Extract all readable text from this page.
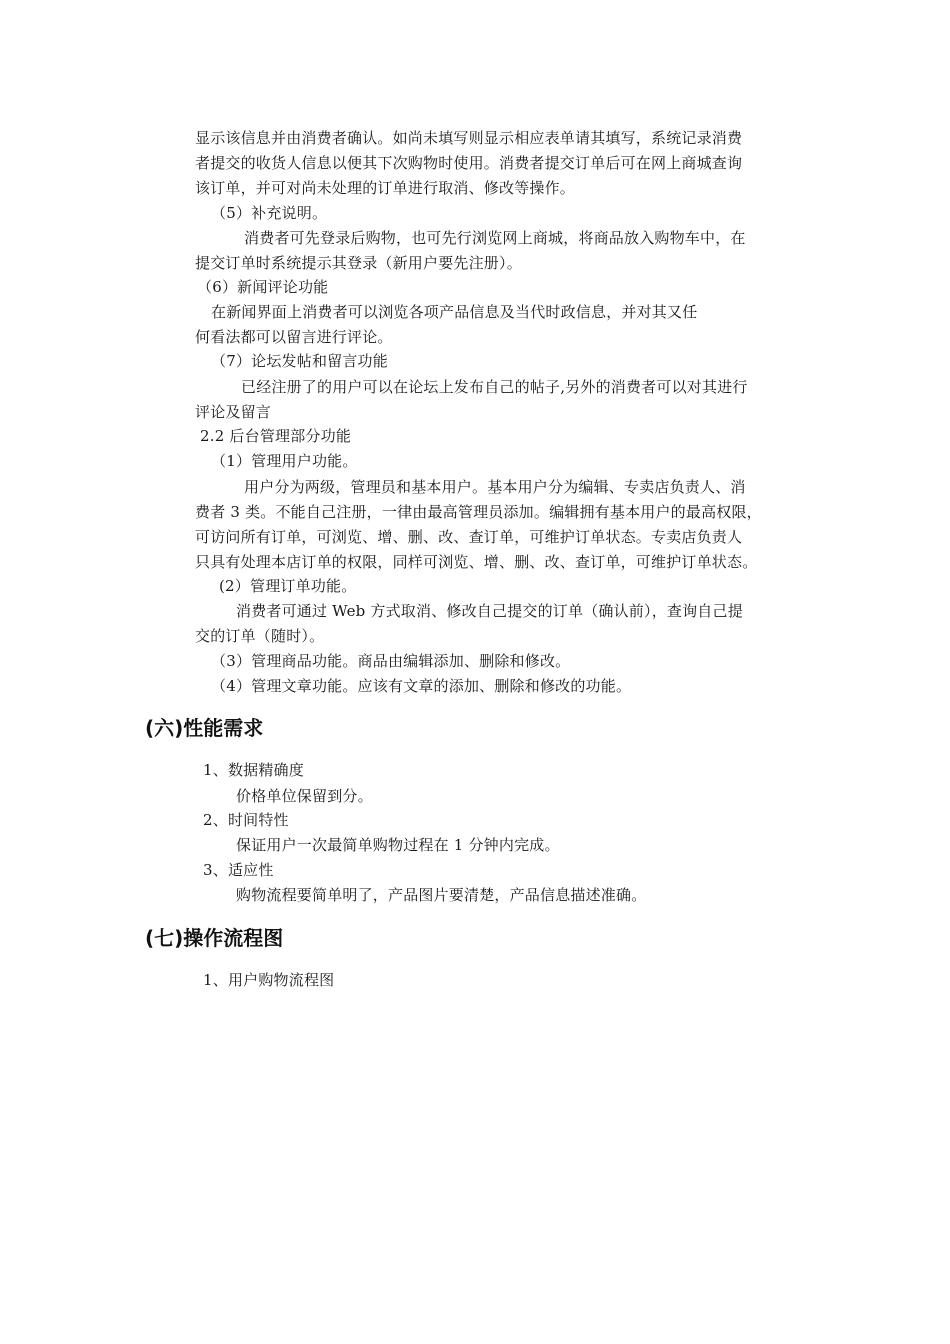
显示该信息并由消费者确认。如尚未填写则显示相应表单请其填写，系统记录消费
者提交的收货人信息以便其下次购物时使用。消费者提交订单后可在网上商城查询
该订单，并可对尚未处理的订单进行取消、修改等操作。
（5）补充说明。
消费者可先登录后购物，也可先行浏览网上商城，将商品放入购物车中，在
提交订单时系统提示其登录（新用户要先注册）。
（6）新闻评论功能
在新闻界面上消费者可以浏览各项产品信息及当代时政信息，并对其又任
何看法都可以留言进行评论。
（7）论坛发帖和留言功能
已经注册了的用户可以在论坛上发布自己的帖子,另外的消费者可以对其进行
评论及留言
2.2 后台管理部分功能
（1）管理用户功能。
用户分为两级，管理员和基本用户。基本用户分为编辑、专卖店负责人、消
费者 3 类。不能自己注册，一律由最高管理员添加。编辑拥有基本用户的最高权限，
可访问所有订单，可浏览、增、删、改、查订单，可维护订单状态。专卖店负责人
只具有处理本店订单的权限，同样可浏览、增、删、改、查订单，可维护订单状态。
(2）管理订单功能。
消费者可通过 Web 方式取消、修改自己提交的订单（确认前），查询自己提
交的订单（随时）。
（3）管理商品功能。商品由编辑添加、删除和修改。
（4）管理文章功能。应该有文章的添加、删除和修改的功能。
(六)性能需求
1、数据精确度
价格单位保留到分。
2、时间特性
保证用户一次最简单购物过程在 1 分钟内完成。
3、适应性
购物流程要简单明了，产品图片要清楚，产品信息描述准确。
(七)操作流程图
1、用户购物流程图
